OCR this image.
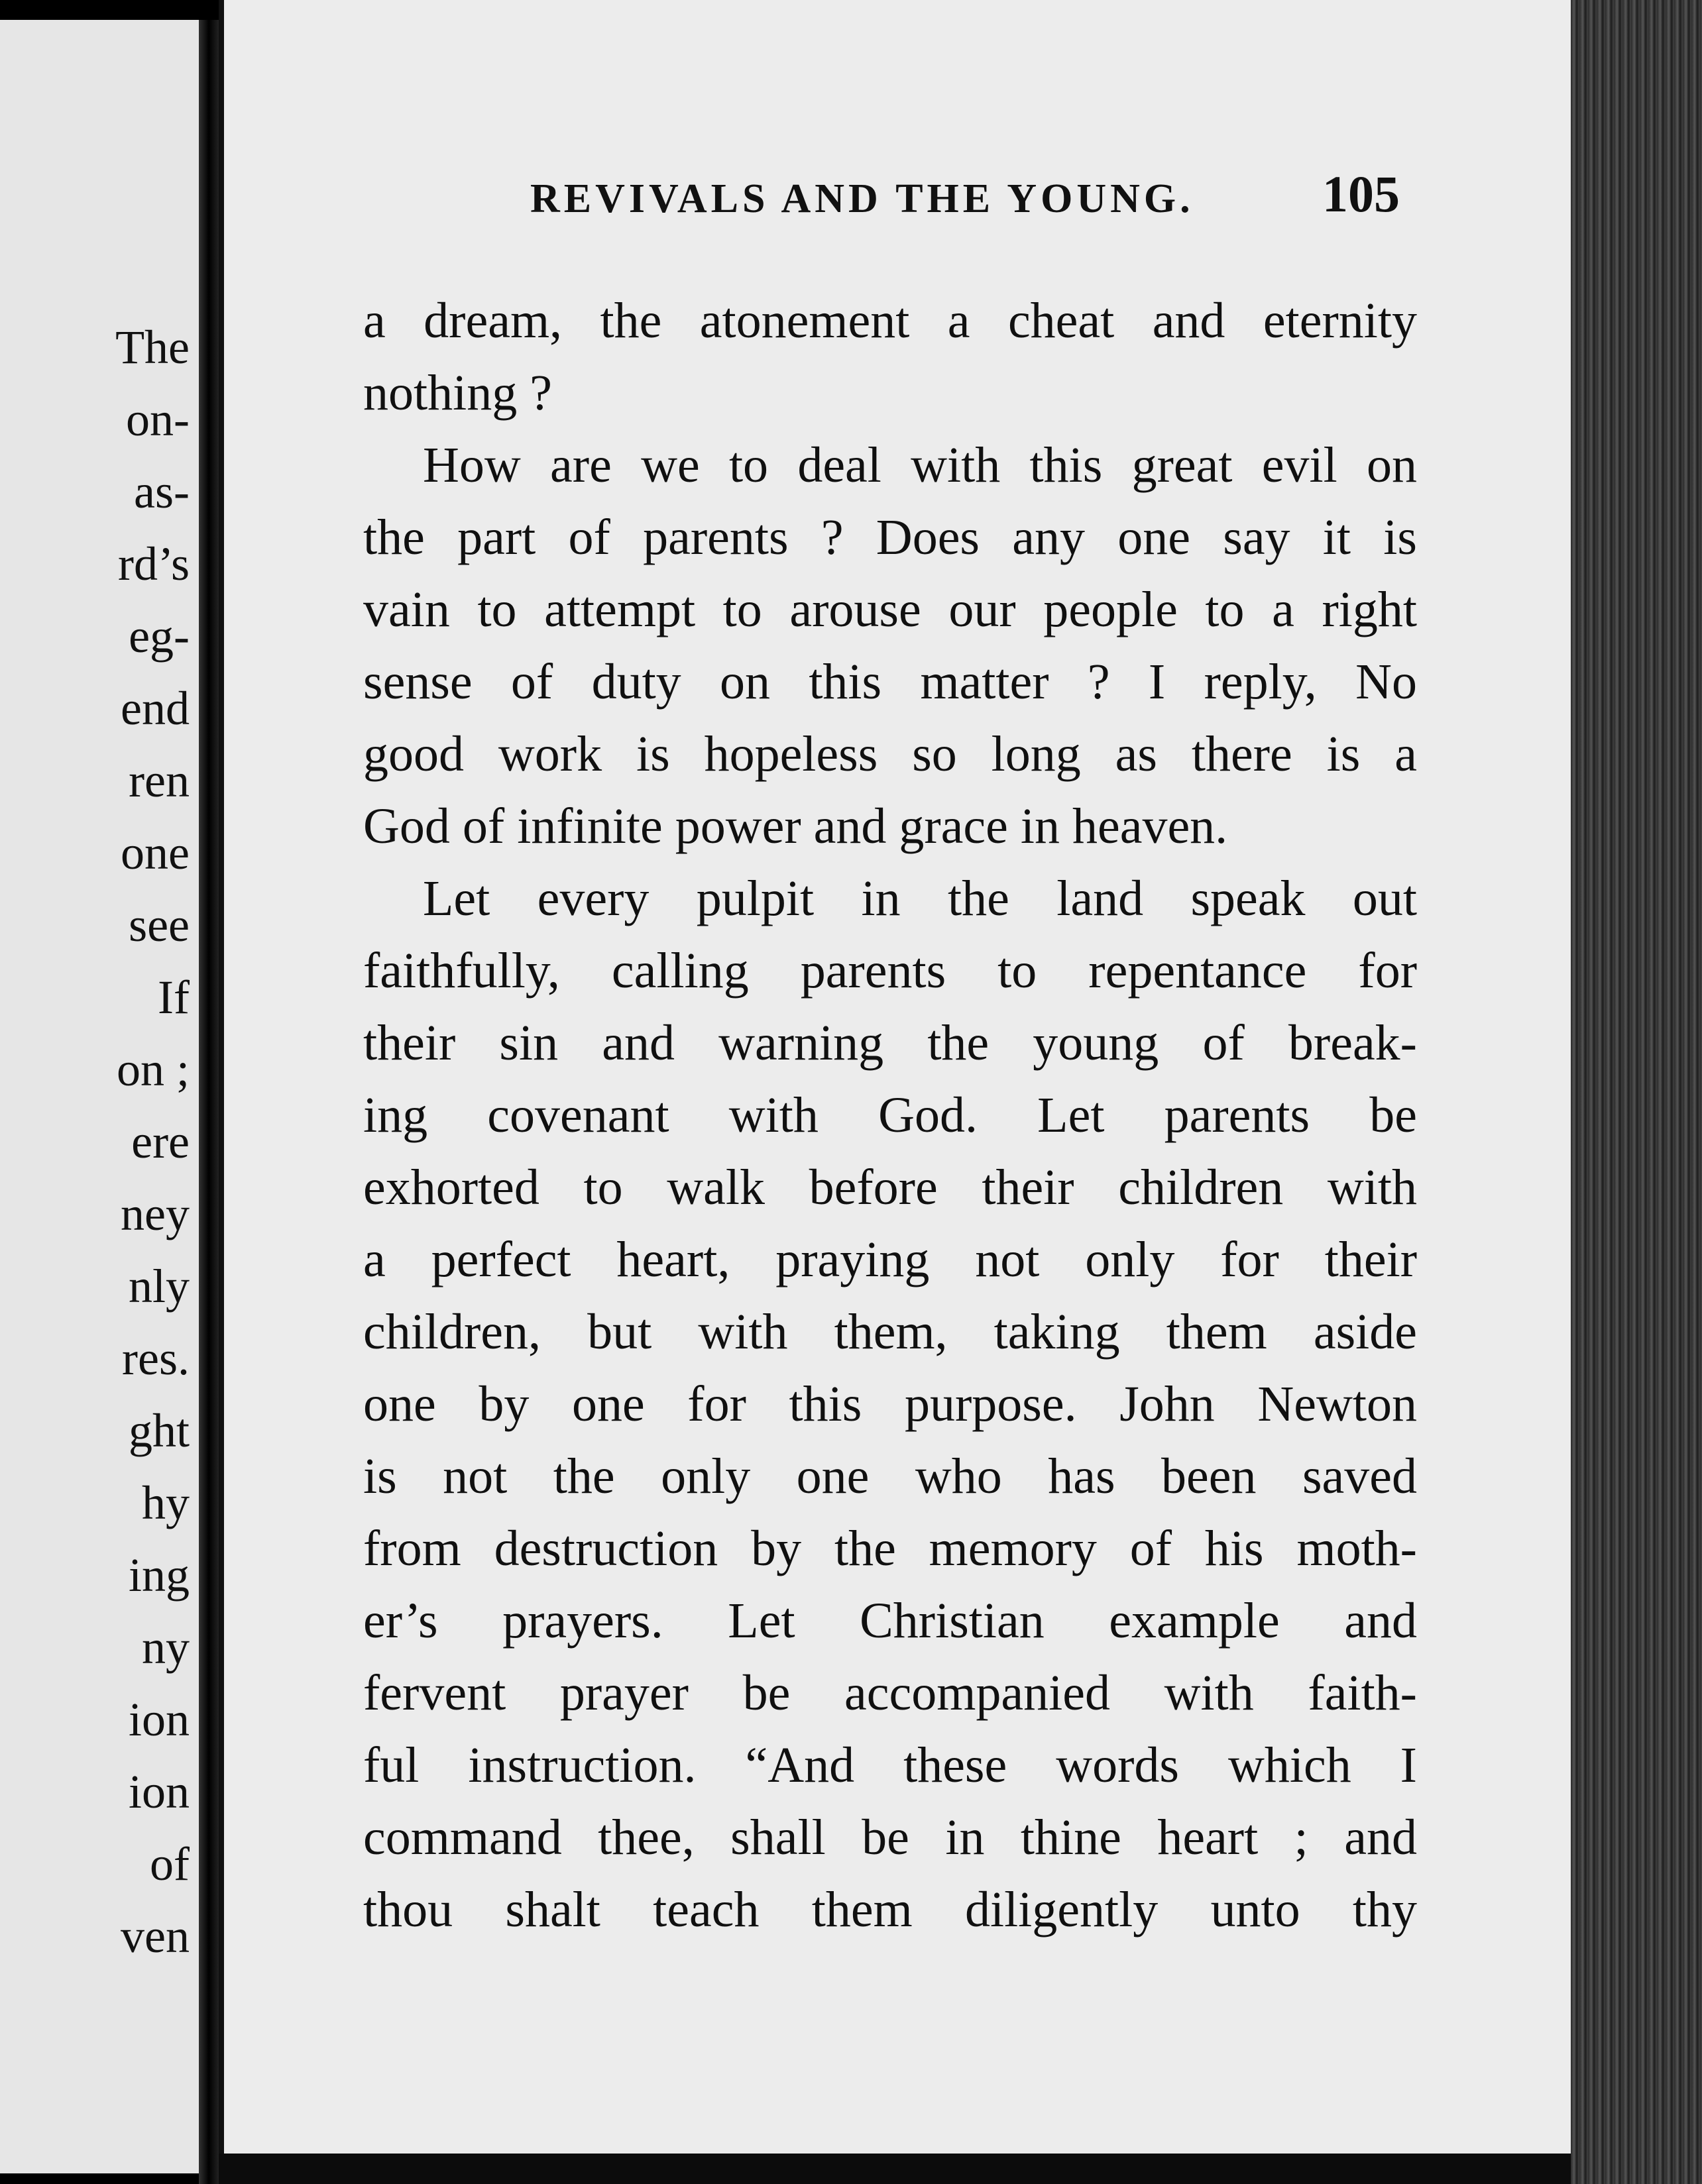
The
on-
as-
rd’s
eg-
end
ren
one
see
If
on ;
ere
ney
nly
res.
ght
hy
ing
ny
ion
ion
of
ven
REVIVALS AND THE YOUNG. 105
a dream, the atonement a cheat and eternity
nothing ?
How are we to deal with this great evil on
the part of parents ? Does any one say it is
vain to attempt to arouse our people to a right
sense of duty on this matter ? I reply, No
good work is hopeless so long as there is a
God of infinite power and grace in heaven.
Let every pulpit in the land speak out
faithfully, calling parents to repentance for
their sin and warning the young of break-
ing covenant with God. Let parents be
exhorted to walk before their children with
a perfect heart, praying not only for their
children, but with them, taking them aside
one by one for this purpose. John Newton
is not the only one who has been saved
from destruction by the memory of his moth-
er’s prayers. Let Christian example and
fervent prayer be accompanied with faith-
ful instruction. “And these words which I
command thee, shall be in thine heart ; and
thou shalt teach them diligently unto thy
